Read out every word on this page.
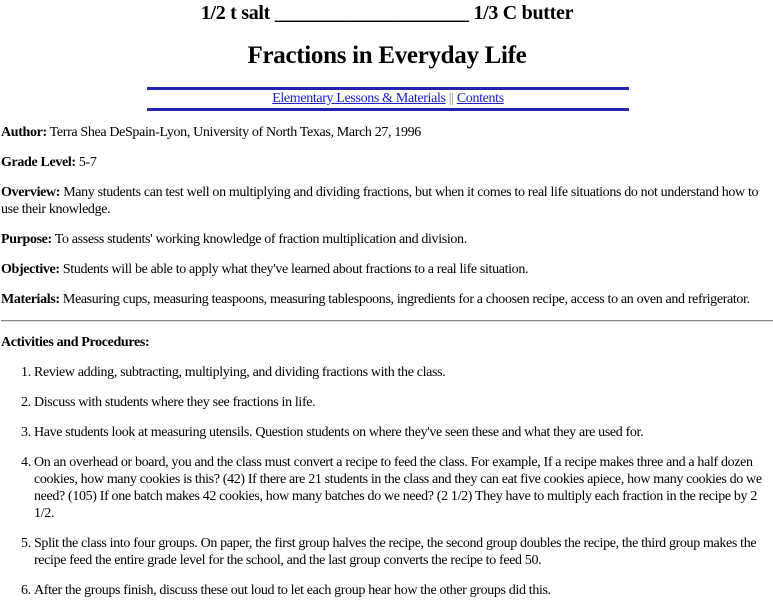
1/2 t salt ____________________ 1/3 C butter
Fractions in Everyday Life
Elementary Lessons & Materials || Contents

Author: Terra Shea DeSpain-Lyon, University of North Texas, March 27, 1996

Grade Level: 5-7

Overview: Many students can test well on multiplying and dividing fractions, but when it comes to real life situations do not understand how to use their knowledge.

Purpose: To assess students' working knowledge of fraction multiplication and division.

Objective: Students will be able to apply what they've learned about fractions to a real life situation.

Materials: Measuring cups, measuring teaspoons, measuring tablespoons, ingredients for a choosen recipe, access to an oven and refrigerator.

Activities and Procedures:

1. Review adding, subtracting, multiplying, and dividing fractions with the class.
2. Discuss with students where they see fractions in life.
3. Have students look at measuring utensils. Question students on where they've seen these and what they are used for.
4. On an overhead or board, you and the class must convert a recipe to feed the class. For example, If a recipe makes three and a half dozen cookies, how many cookies is this? (42) If there are 21 students in the class and they can eat five cookies apiece, how many cookies do we need? (105) If one batch makes 42 cookies, how many batches do we need? (2 1/2) They have to multiply each fraction in the recipe by 2 1/2.
5. Split the class into four groups. On paper, the first group halves the recipe, the second group doubles the recipe, the third group makes the recipe feed the entire grade level for the school, and the last group converts the recipe to feed 50.
6. After the groups finish, discuss these out loud to let each group hear how the other groups did this.
